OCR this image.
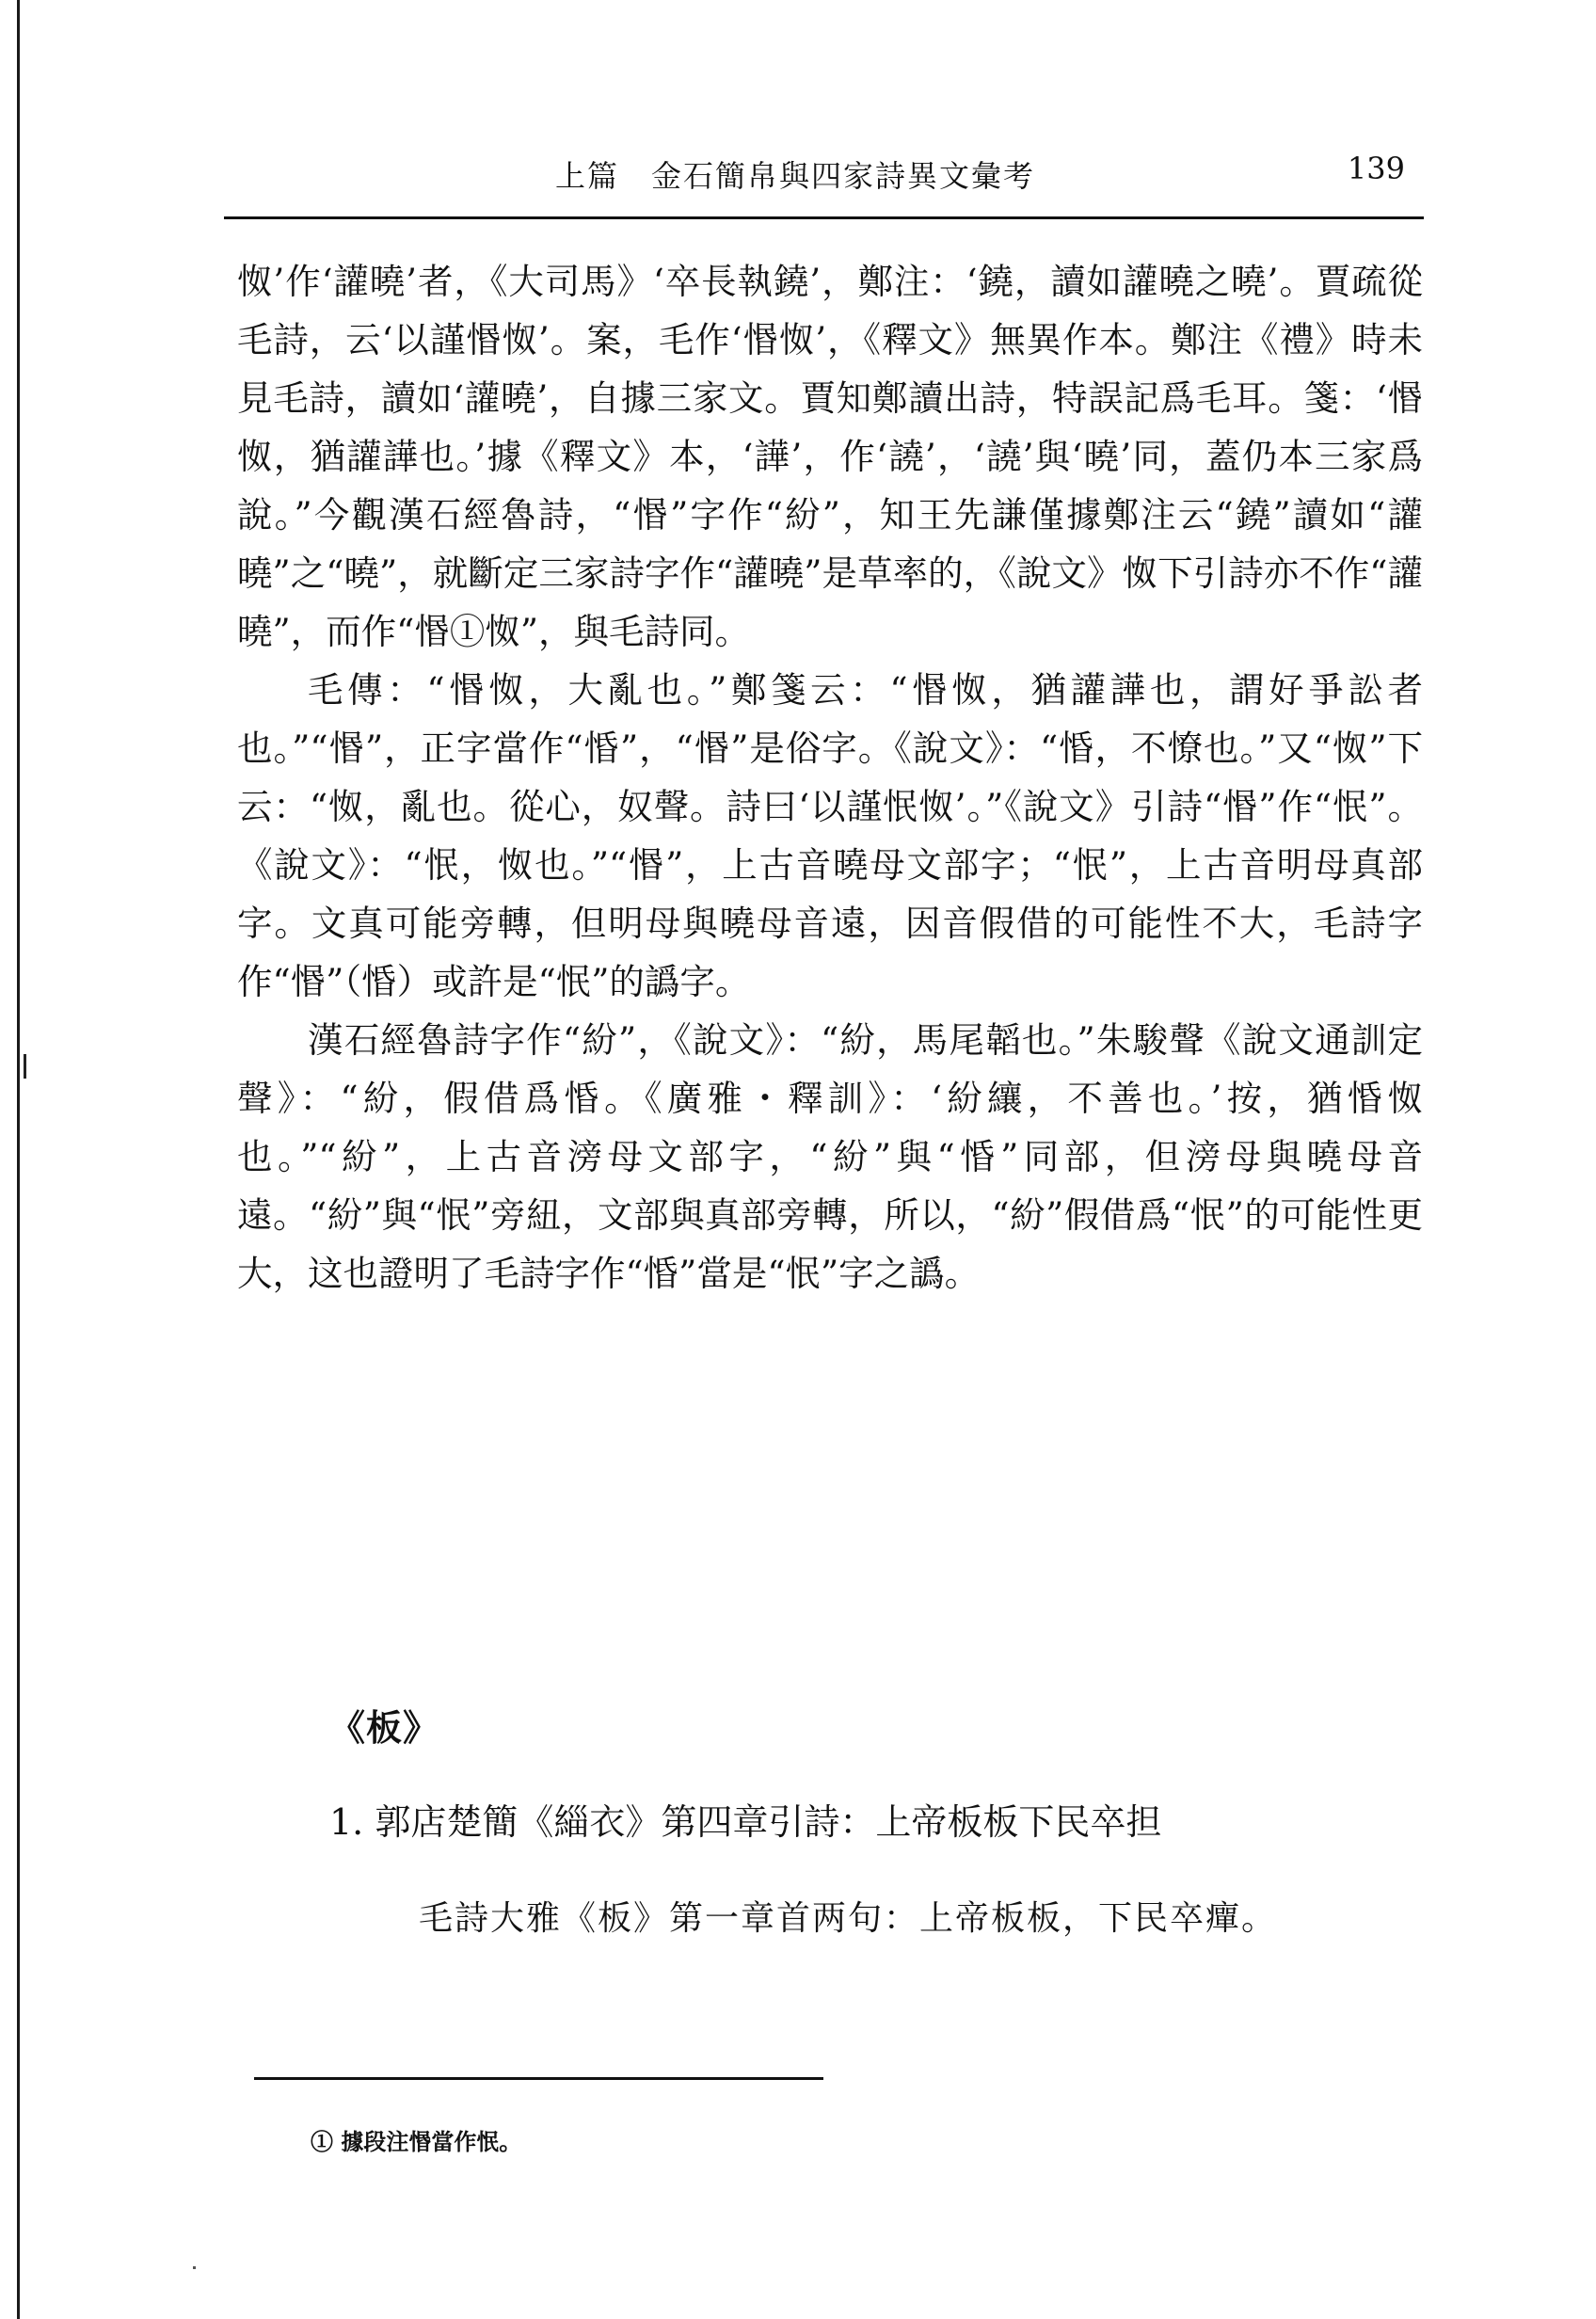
上篇　金石簡帛與四家詩異文彙考	139

怓’作‘讙曉’者，《大司馬》‘卒長執鐃’，鄭注：‘鐃，讀如讙曉之曉’。賈疏從毛詩，云‘以謹惽怓’。案，毛作‘惽怓’，《釋文》無異作本。鄭注《禮》時未見毛詩，讀如‘讙曉’，自據三家文。賈知鄭讀出詩，特誤記爲毛耳。箋：‘惽怓，猶讙譁也。’據《釋文》本，‘譁’，作‘譊’，‘譊’與‘曉’同，蓋仍本三家爲說。”今觀漢石經魯詩，“惽”字作“紛”，知王先謙僅據鄭注云“鐃”讀如“讙曉”之“曉”，就斷定三家詩字作“讙曉”是草率的，《說文》怓下引詩亦不作“讙曉”，而作“惽①怓”，與毛詩同。

毛傳：“惽怓，大亂也。”鄭箋云：“惽怓，猶讙譁也，謂好爭訟者也。”“惽”，正字當作“惛”，“惽”是俗字。《說文》：“惛，不憭也。”又“怓”下云：“怓，亂也。從心，奴聲。詩曰‘以謹怋怓’。”《說文》引詩“惽”作“怋”。《說文》：“怋，怓也。”“惽”，上古音曉母文部字；“怋”，上古音明母真部字。文真可能旁轉，但明母與曉母音遠，因音假借的可能性不大，毛詩字作“惽”（惛）或許是“怋”的譌字。

漢石經魯詩字作“紛”，《說文》：“紛，馬尾韜也。”朱駿聲《說文通訓定聲》：“紛，假借爲惛。《廣雅・釋訓》：‘紛纕，不善也。’按，猶惛怓也。”“紛”，上古音滂母文部字，“紛”與“惛”同部，但滂母與曉母音遠。“紛”與“怋”旁紐，文部與真部旁轉，所以，“紛”假借爲“怋”的可能性更大，这也證明了毛詩字作“惛”當是“怋”字之譌。

《板》
1. 郭店楚簡《緇衣》第四章引詩：上帝板板下民卒担
毛詩大雅《板》第一章首两句：上帝板板，下民卒癉。
① 據段注惽當作怋。
